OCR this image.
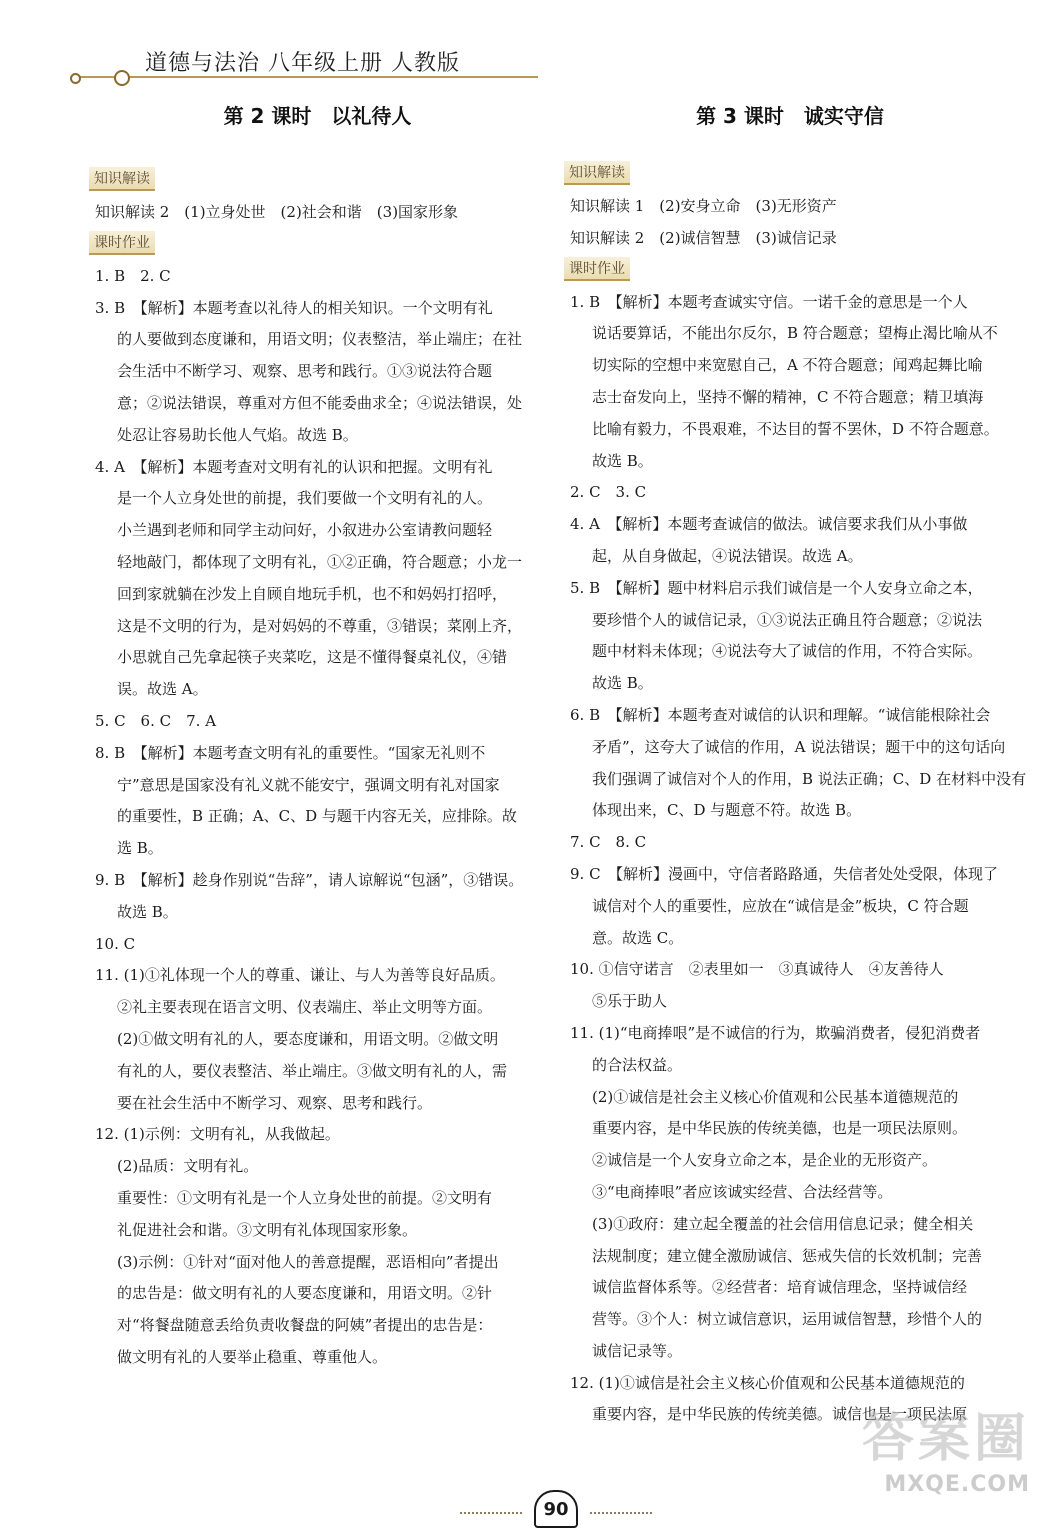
道德与法治 八年级上册 人教版
第 2 课时　以礼待人
知识解读

知识解读 2　(1)立身处世　(2)社会和谐　(3)国家形象

课时作业

1. B　2. C

3. B　【解析】本题考查以礼待人的相关知识。一个文明有礼

的人要做到态度谦和，用语文明；仪表整洁，举止端庄；在社

会生活中不断学习、观察、思考和践行。①③说法符合题

意；②说法错误，尊重对方但不能委曲求全；④说法错误，处

处忍让容易助长他人气焰。故选 B。

4. A　【解析】本题考查对文明有礼的认识和把握。文明有礼

是一个人立身处世的前提，我们要做一个文明有礼的人。

小兰遇到老师和同学主动问好，小叙进办公室请教问题轻

轻地敲门，都体现了文明有礼，①②正确，符合题意；小龙一

回到家就躺在沙发上自顾自地玩手机，也不和妈妈打招呼，

这是不文明的行为，是对妈妈的不尊重，③错误；菜刚上齐，

小思就自己先拿起筷子夹菜吃，这是不懂得餐桌礼仪，④错

误。故选 A。

5. C　6. C　7. A

8. B　【解析】本题考查文明有礼的重要性。“国家无礼则不

宁”意思是国家没有礼义就不能安宁，强调文明有礼对国家

的重要性，B 正确；A、C、D 与题干内容无关，应排除。故

选 B。

9. B　【解析】趁身作别说“告辞”，请人谅解说“包涵”，③错误。

故选 B。

10. C

11. (1)①礼体现一个人的尊重、谦让、与人为善等良好品质。

②礼主要表现在语言文明、仪表端庄、举止文明等方面。

(2)①做文明有礼的人，要态度谦和，用语文明。②做文明

有礼的人，要仪表整洁、举止端庄。③做文明有礼的人，需

要在社会生活中不断学习、观察、思考和践行。

12. (1)示例：文明有礼，从我做起。

(2)品质：文明有礼。

重要性：①文明有礼是一个人立身处世的前提。②文明有

礼促进社会和谐。③文明有礼体现国家形象。

(3)示例：①针对“面对他人的善意提醒，恶语相向”者提出

的忠告是：做文明有礼的人要态度谦和，用语文明。②针

对“将餐盘随意丢给负责收餐盘的阿姨”者提出的忠告是：

做文明有礼的人要举止稳重、尊重他人。

第 3 课时　诚实守信
知识解读

知识解读 1　(2)安身立命　(3)无形资产

知识解读 2　(2)诚信智慧　(3)诚信记录

课时作业

1. B　【解析】本题考查诚实守信。一诺千金的意思是一个人

说话要算话，不能出尔反尔，B 符合题意；望梅止渴比喻从不

切实际的空想中来宽慰自己，A 不符合题意；闻鸡起舞比喻

志士奋发向上，坚持不懈的精神，C 不符合题意；精卫填海

比喻有毅力，不畏艰难，不达目的誓不罢休，D 不符合题意。

故选 B。

2. C　3. C

4. A　【解析】本题考查诚信的做法。诚信要求我们从小事做

起，从自身做起，④说法错误。故选 A。

5. B　【解析】题中材料启示我们诚信是一个人安身立命之本，

要珍惜个人的诚信记录，①③说法正确且符合题意；②说法

题中材料未体现；④说法夸大了诚信的作用，不符合实际。

故选 B。

6. B　【解析】本题考查对诚信的认识和理解。“诚信能根除社会

矛盾”，这夸大了诚信的作用，A 说法错误；题干中的这句话向

我们强调了诚信对个人的作用，B 说法正确；C、D 在材料中没有

体现出来，C、D 与题意不符。故选 B。

7. C　8. C

9. C　【解析】漫画中，守信者路路通，失信者处处受限，体现了

诚信对个人的重要性，应放在“诚信是金”板块，C 符合题

意。故选 C。

10. ①信守诺言　②表里如一　③真诚待人　④友善待人

⑤乐于助人

11. (1)“电商捧哏”是不诚信的行为，欺骗消费者，侵犯消费者

的合法权益。

(2)①诚信是社会主义核心价值观和公民基本道德规范的

重要内容，是中华民族的传统美德，也是一项民法原则。

②诚信是一个人安身立命之本，是企业的无形资产。

③“电商捧哏”者应该诚实经营、合法经营等。

(3)①政府：建立起全覆盖的社会信用信息记录；健全相关

法规制度；建立健全激励诚信、惩戒失信的长效机制；完善

诚信监督体系等。②经营者：培育诚信理念，坚持诚信经

营等。③个人：树立诚信意识，运用诚信智慧，珍惜个人的

诚信记录等。

12. (1)①诚信是社会主义核心价值观和公民基本道德规范的

重要内容，是中华民族的传统美德。诚信也是一项民法原

90
答案圈
MXQE.COM
